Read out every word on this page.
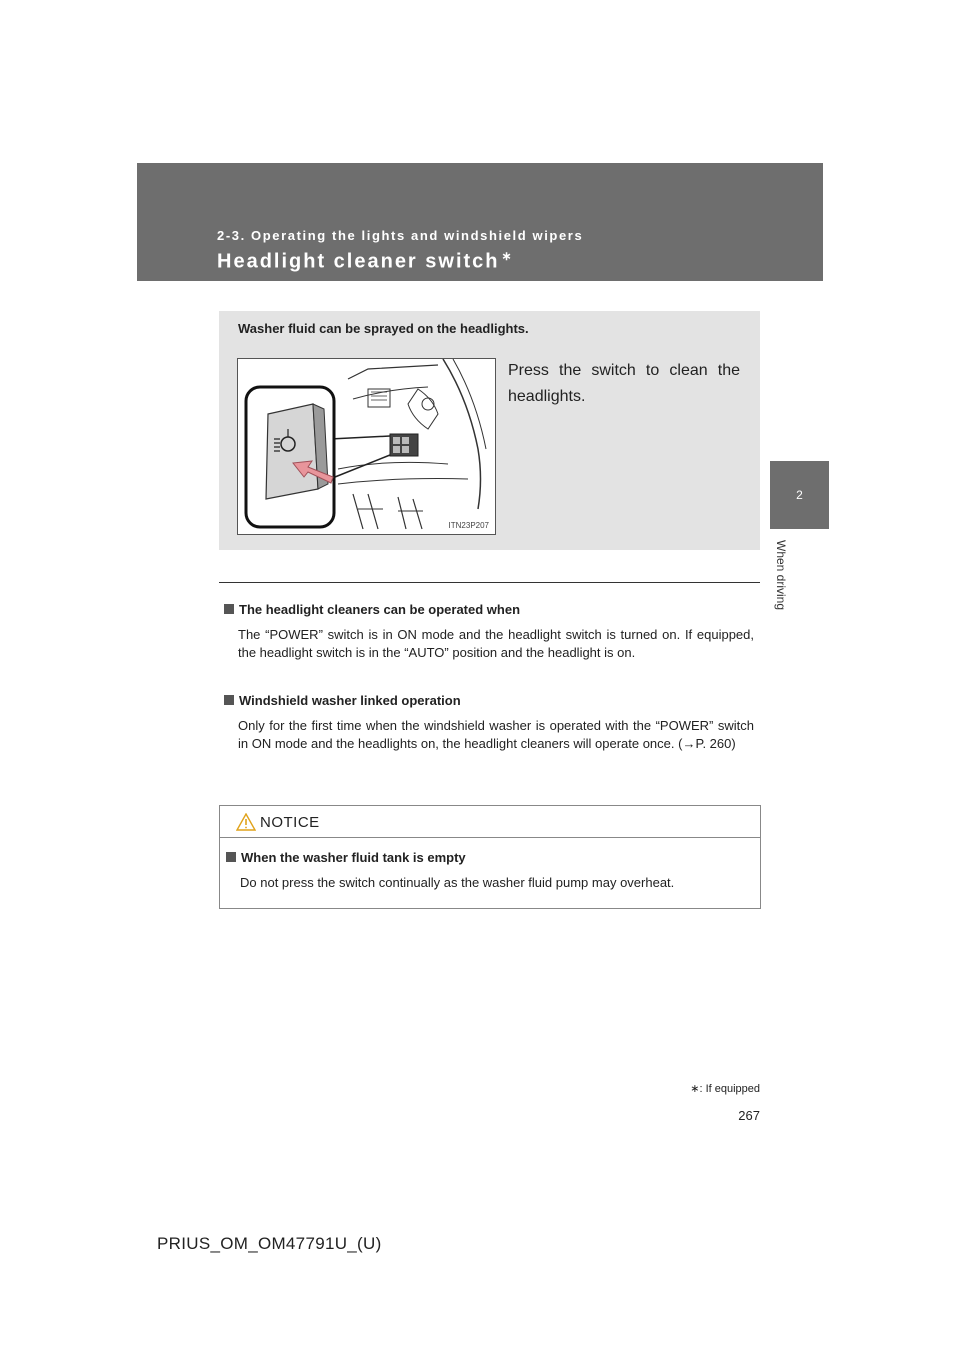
2-3. Operating the lights and windshield wipers
Headlight cleaner switch ∗
2
When driving
Washer fluid can be sprayed on the headlights.
ITN23P207
Press the switch to clean the headlights.
The headlight cleaners can be operated when
The “POWER” switch is in ON mode and the headlight switch is turned on. If equipped, the headlight switch is in the “AUTO” position and the headlight is on.
Windshield washer linked operation
Only for the first time when the windshield washer is operated with the “POWER” switch in ON mode and the headlights on, the headlight cleaners will operate once. (→P. 260)
NOTICE
When the washer fluid tank is empty
Do not press the switch continually as the washer fluid pump may overheat.
∗: If equipped
267
PRIUS_OM_OM47791U_(U)
